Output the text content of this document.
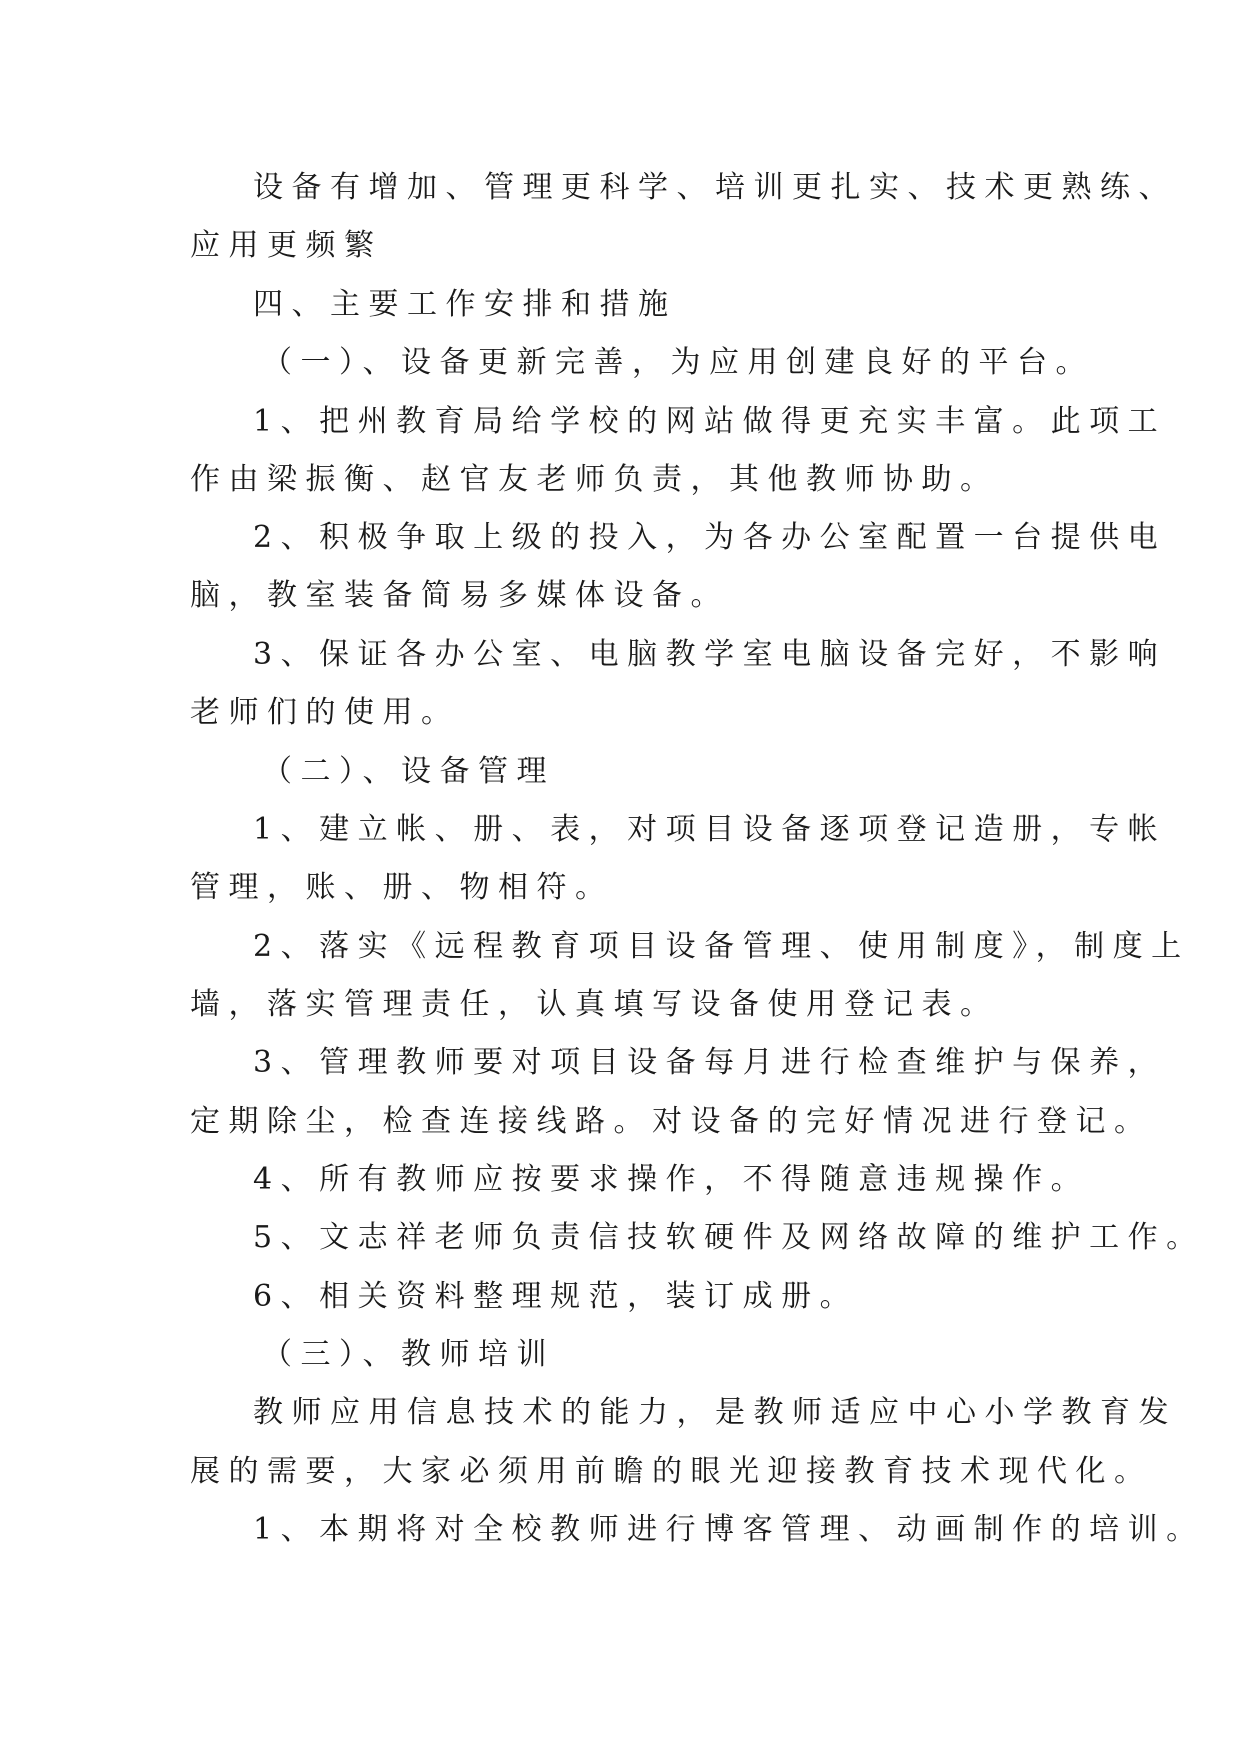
设备有增加、管理更科学、培训更扎实、技术更熟练、
应用更频繁
四、主要工作安排和措施
（一）、设备更新完善，为应用创建良好的平台。
1、把州教育局给学校的网站做得更充实丰富。此项工
作由梁振衡、赵官友老师负责，其他教师协助。
2、积极争取上级的投入，为各办公室配置一台提供电
脑，教室装备简易多媒体设备。
3、保证各办公室、电脑教学室电脑设备完好，不影响
老师们的使用。
（二）、设备管理
1、建立帐、册、表，对项目设备逐项登记造册，专帐
管理，账、册、物相符。
2、落实《远程教育项目设备管理、使用制度》，制度上
墙，落实管理责任，认真填写设备使用登记表。
3、管理教师要对项目设备每月进行检查维护与保养，
定期除尘，检查连接线路。对设备的完好情况进行登记。
4、所有教师应按要求操作，不得随意违规操作。
5、文志祥老师负责信技软硬件及网络故障的维护工作。
6、相关资料整理规范，装订成册。
（三）、教师培训
教师应用信息技术的能力，是教师适应中心小学教育发
展的需要，大家必须用前瞻的眼光迎接教育技术现代化。
1、本期将对全校教师进行博客管理、动画制作的培训。
